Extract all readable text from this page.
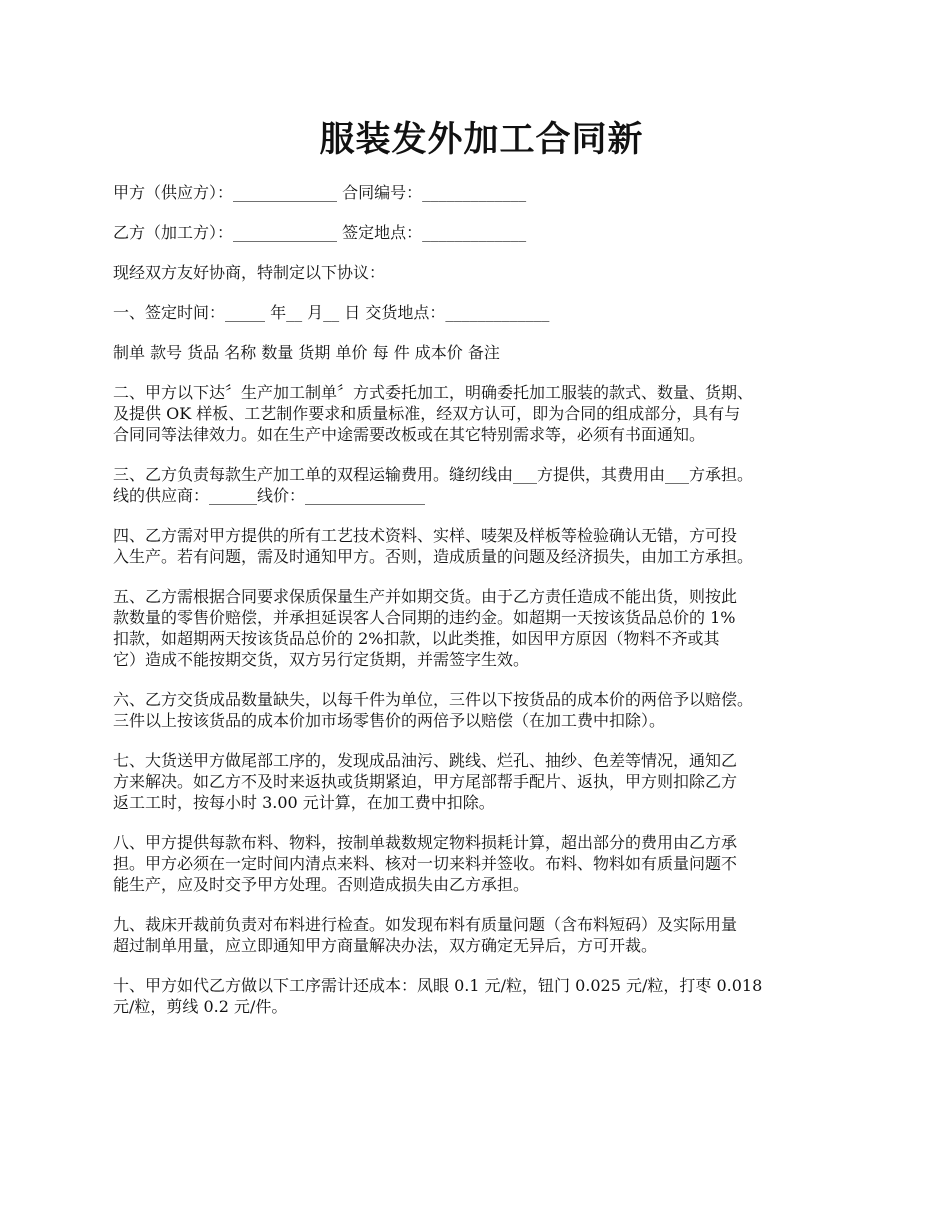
服装发外加工合同新

甲方（供应方）：_____________ 合同编号：_____________

乙方（加工方）：_____________ 签定地点：_____________

现经双方友好协商，特制定以下协议：

一、签定时间：_____ 年__ 月__ 日 交货地点：_____________

制单 款号 货品 名称 数量 货期 单价 每 件 成本价 备注

二、甲方以下达〞生产加工制单〞方式委托加工，明确委托加工服装的款式、数量、货期、
及提供 OK 样板、工艺制作要求和质量标准，经双方认可，即为合同的组成部分，具有与
合同同等法律效力。如在生产中途需要改板或在其它特别需求等，必须有书面通知。

三、乙方负责每款生产加工单的双程运输费用。缝纫线由___方提供，其费用由___方承担。
线的供应商：______线价：_______________

四、乙方需对甲方提供的所有工艺技术资料、实样、唛架及样板等检验确认无错，方可投
入生产。若有问题，需及时通知甲方。否则，造成质量的问题及经济损失，由加工方承担。

五、乙方需根据合同要求保质保量生产并如期交货。由于乙方责任造成不能出货，则按此
款数量的零售价赔偿，并承担延误客人合同期的违约金。如超期一天按该货品总价的 1%
扣款，如超期两天按该货品总价的 2%扣款，以此类推，如因甲方原因（物料不齐或其
它）造成不能按期交货，双方另行定货期，并需签字生效。

六、乙方交货成品数量缺失，以每千件为单位，三件以下按货品的成本价的两倍予以赔偿。
三件以上按该货品的成本价加市场零售价的两倍予以赔偿（在加工费中扣除）。

七、大货送甲方做尾部工序的，发现成品油污、跳线、烂孔、抽纱、色差等情况，通知乙
方来解决。如乙方不及时来返执或货期紧迫，甲方尾部帮手配片、返执，甲方则扣除乙方
返工工时，按每小时 3.00 元计算，在加工费中扣除。

八、甲方提供每款布料、物料，按制单裁数规定物料损耗计算，超出部分的费用由乙方承
担。甲方必须在一定时间内清点来料、核对一切来料并签收。布料、物料如有质量问题不
能生产，应及时交予甲方处理。否则造成损失由乙方承担。

九、裁床开裁前负责对布料进行检查。如发现布料有质量问题（含布料短码）及实际用量
超过制单用量，应立即通知甲方商量解决办法，双方确定无异后，方可开裁。

十、甲方如代乙方做以下工序需计还成本：凤眼 0.1 元/粒，钮门 0.025 元/粒，打枣 0.018
元/粒，剪线 0.2 元/件。
